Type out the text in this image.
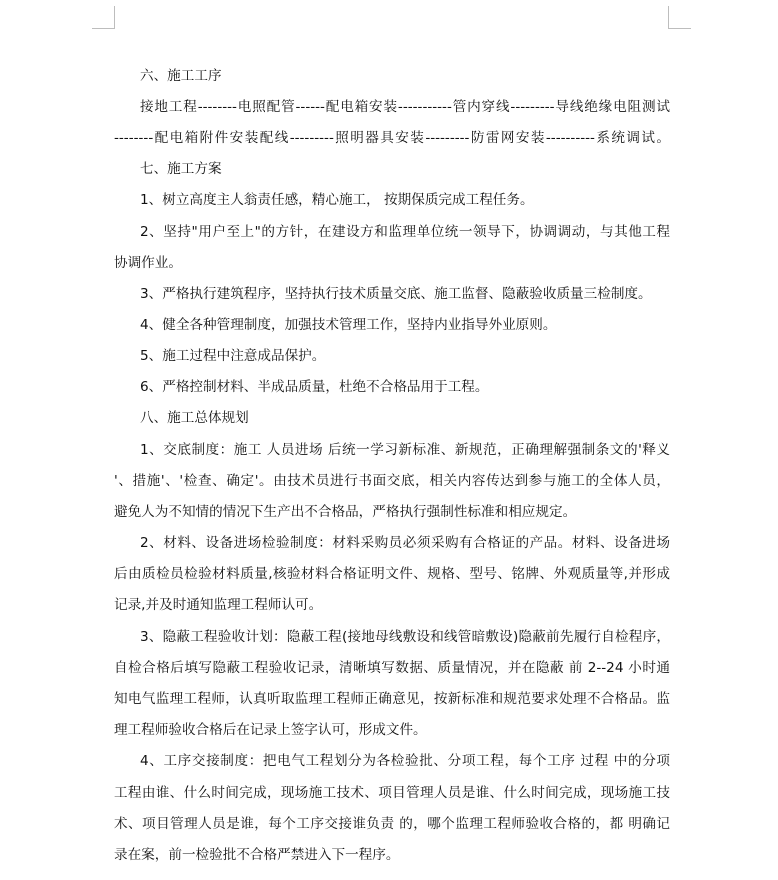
六、施工工序
接地工程--------电照配管------配电箱安装-----------管内穿线---------导线绝缘电阻测试
--------配电箱附件安装配线---------照明器具安装---------防雷网安装----------系统调试。
七、施工方案
1、树立高度主人翁责任感，精心施工， 按期保质完成工程任务。
2、坚持"用户至上"的方针，在建设方和监理单位统一领导下，协调调动，与其他工程
协调作业。
3、严格执行建筑程序，坚持执行技术质量交底、施工监督、隐蔽验收质量三检制度。
4、健全各种管理制度，加强技术管理工作，坚持内业指导外业原则。
5、施工过程中注意成品保护。
6、严格控制材料、半成品质量，杜绝不合格品用于工程。
八、施工总体规划
1、交底制度：施工 人员进场 后统一学习新标准、新规范，正确理解强制条文的'释义
'、措施'、'检查、确定'。由技术员进行书面交底，相关内容传达到参与施工的全体人员，
避免人为不知情的情况下生产出不合格品，严格执行强制性标准和相应规定。
2、材料、设备进场检验制度：材料采购员必须采购有合格证的产品。材料、设备进场
后由质检员检验材料质量,核验材料合格证明文件、规格、型号、铭牌、外观质量等,并形成
记录,并及时通知监理工程师认可。
3、隐蔽工程验收计划：隐蔽工程(接地母线敷设和线管暗敷设)隐蔽前先履行自检程序，
自检合格后填写隐蔽工程验收记录，清晰填写数据、质量情况，并在隐蔽 前 2--24 小时通
知电气监理工程师，认真听取监理工程师正确意见，按新标准和规范要求处理不合格品。监
理工程师验收合格后在记录上签字认可，形成文件。
4、工序交接制度：把电气工程划分为各检验批、分项工程，每个工序 过程 中的分项
工程由谁、什么时间完成，现场施工技术、项目管理人员是谁、什么时间完成，现场施工技
术、项目管理人员是谁，每个工序交接谁负责 的，哪个监理工程师验收合格的，都 明确记
录在案，前一检验批不合格严禁进入下一程序。
